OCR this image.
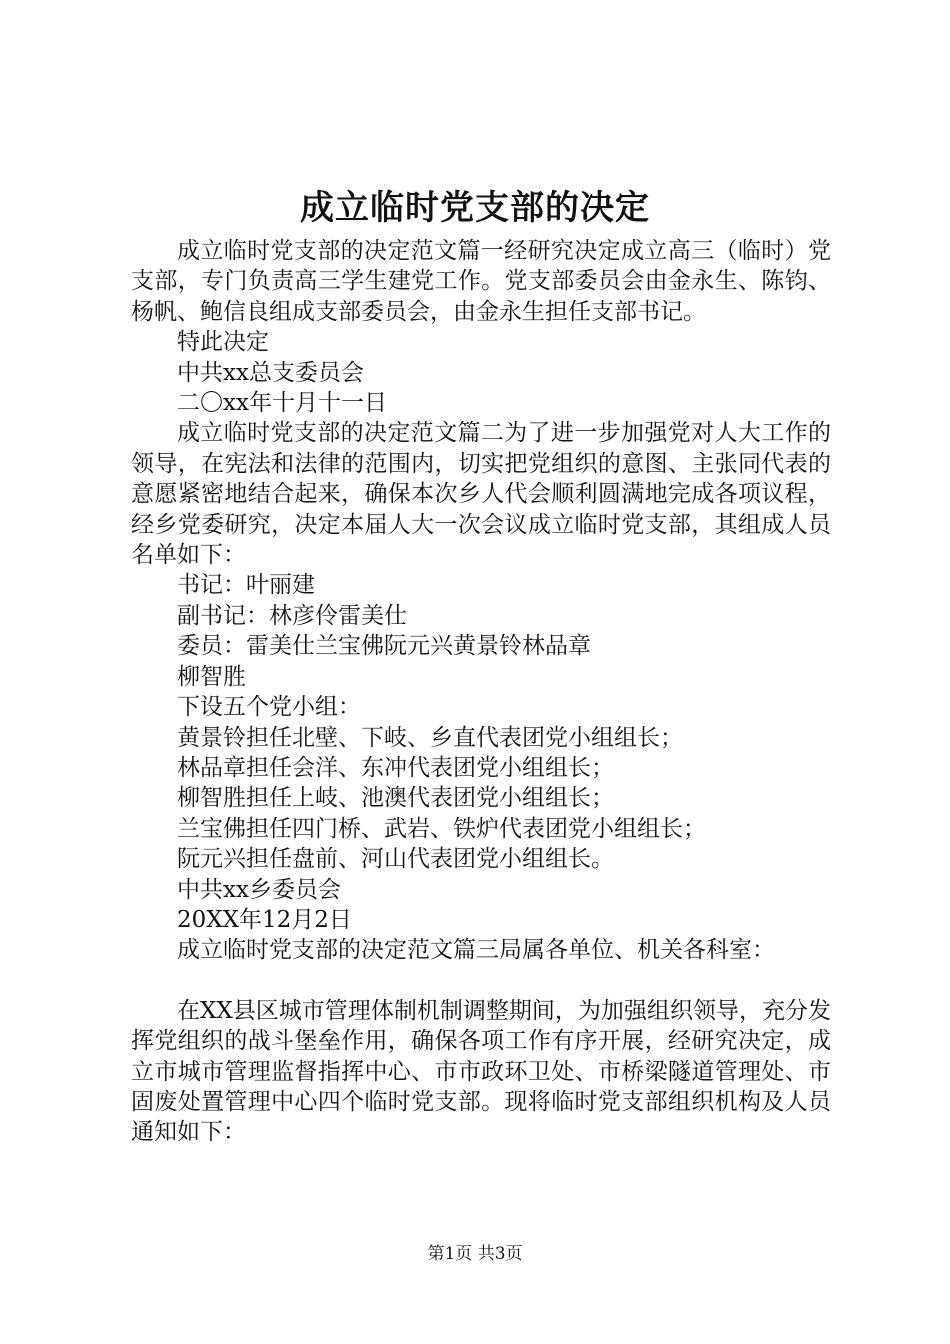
成立临时党支部的决定

成立临时党支部的决定范文篇一经研究决定成立高三（临时）党支部，专门负责高三学生建党工作。党支部委员会由金永生、陈钧、杨帆、鲍信良组成支部委员会，由金永生担任支部书记。

特此决定

中共xx总支委员会

二〇xx年十月十一日

成立临时党支部的决定范文篇二为了进一步加强党对人大工作的领导，在宪法和法律的范围内，切实把党组织的意图、主张同代表的意愿紧密地结合起来，确保本次乡人代会顺利圆满地完成各项议程，经乡党委研究，决定本届人大一次会议成立临时党支部，其组成人员名单如下：

书记：叶丽建

副书记：林彦伶雷美仕

委员：雷美仕兰宝佛阮元兴黄景铃林品章

柳智胜

下设五个党小组：

黄景铃担任北壁、下岐、乡直代表团党小组组长；

林品章担任会洋、东冲代表团党小组组长；

柳智胜担任上岐、池澳代表团党小组组长；

兰宝佛担任四门桥、武岩、铁炉代表团党小组组长；

阮元兴担任盘前、河山代表团党小组组长。

中共xx乡委员会

20XX年12月2日

成立临时党支部的决定范文篇三局属各单位、机关各科室：

在XX县区城市管理体制机制调整期间，为加强组织领导，充分发挥党组织的战斗堡垒作用，确保各项工作有序开展，经研究决定，成立市城市管理监督指挥中心、市市政环卫处、市桥梁隧道管理处、市固废处置管理中心四个临时党支部。现将临时党支部组织机构及人员通知如下：

第1页 共3页
